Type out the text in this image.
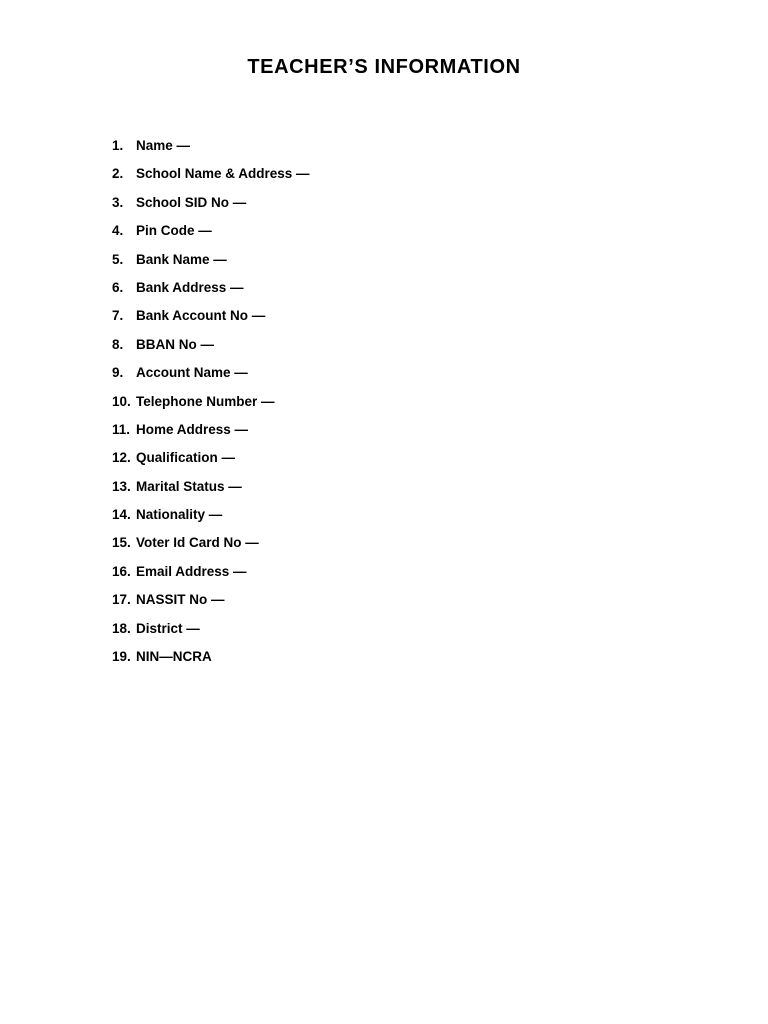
TEACHER’S INFORMATION
1. Name —
2. School Name & Address —
3. School SID No —
4. Pin Code —
5. Bank Name —
6. Bank Address —
7. Bank Account No —
8. BBAN No —
9. Account Name —
10. Telephone Number —
11. Home Address —
12. Qualification —
13. Marital Status —
14. Nationality —
15. Voter Id Card No —
16. Email Address —
17. NASSIT No —
18. District —
19. NIN—NCRA
